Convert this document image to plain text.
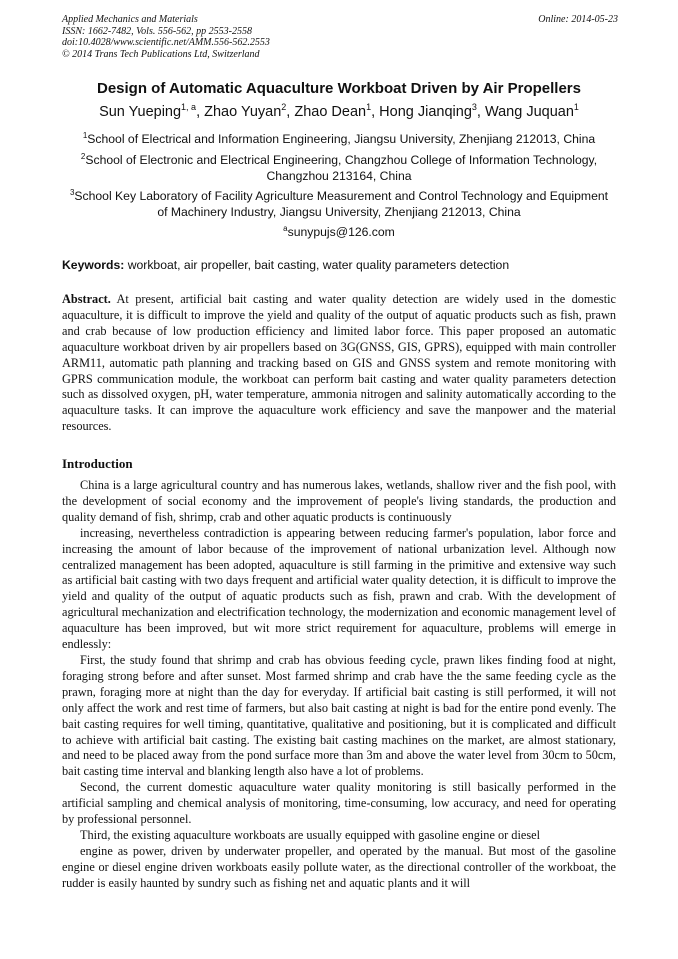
Applied Mechanics and Materials
ISSN: 1662-7482, Vols. 556-562, pp 2553-2558
doi:10.4028/www.scientific.net/AMM.556-562.2553
© 2014 Trans Tech Publications Ltd, Switzerland
Online: 2014-05-23
Design of Automatic Aquaculture Workboat Driven by Air Propellers
Sun Yueping$^{1, a}$, Zhao Yuyan$^2$, Zhao Dean$^1$, Hong Jianqing$^3$, Wang Juquan$^1$
$^1$School of Electrical and Information Engineering, Jiangsu University, Zhenjiang 212013, China
$^2$School of Electronic and Electrical Engineering, Changzhou College of Information Technology,
Changzhou 213164, China
$^3$School Key Laboratory of Facility Agriculture Measurement and Control Technology and Equipment
of Machinery Industry, Jiangsu University, Zhenjiang 212013, China
$^a$sunypujs@126.com
Keywords: workboat, air propeller, bait casting, water quality parameters detection

Abstract. At present, artificial bait casting and water quality detection are widely used in the domestic aquaculture, it is difficult to improve the yield and quality of the output of aquatic products such as fish, prawn and crab because of low production efficiency and limited labor force. This paper proposed an automatic aquaculture workboat driven by air propellers based on 3G(GNSS, GIS, GPRS), equipped with main controller ARM11, automatic path planning and tracking based on GIS and GNSS system and remote monitoring with GPRS communication module, the workboat can perform bait casting and water quality parameters detection such as dissolved oxygen, pH, water temperature, ammonia nitrogen and salinity automatically according to the aquaculture tasks. It can improve the aquaculture work efficiency and save the manpower and the material resources.

Introduction

China is a large agricultural country and has numerous lakes, wetlands, shallow river and the fish pool, with the development of social economy and the improvement of people's living standards, the production and quality demand of fish, shrimp, crab and other aquatic products is continuously

increasing, nevertheless contradiction is appearing between reducing farmer's population, labor force and increasing the amount of labor because of the improvement of national urbanization level. Although now centralized management has been adopted, aquaculture is still farming in the primitive and extensive way such as artificial bait casting with two days frequent and artificial water quality detection, it is difficult to improve the yield and quality of the output of aquatic products such as fish, prawn and crab. With the development of agricultural mechanization and electrification technology, the modernization and economic management level of aquaculture has been improved, but wit more strict requirement for aquaculture, problems will emerge in endlessly:

First, the study found that shrimp and crab has obvious feeding cycle, prawn likes finding food at night, foraging strong before and after sunset. Most farmed shrimp and crab have the the same feeding cycle as the prawn, foraging more at night than the day for everyday. If artificial bait casting is still performed, it will not only affect the work and rest time of farmers, but also bait casting at night is bad for the entire pond evenly. The bait casting requires for well timing, quantitative, qualitative and positioning, but it is complicated and difficult to achieve with artificial bait casting. The existing bait casting machines on the market, are almost stationary, and need to be placed away from the pond surface more than 3m and above the water level from 30cm to 50cm, bait casting time interval and blanking length also have a lot of problems.

Second, the current domestic aquaculture water quality monitoring is still basically performed in the artificial sampling and chemical analysis of monitoring, time-consuming, low accuracy, and need for operating by professional personnel.

Third, the existing aquaculture workboats are usually equipped with gasoline engine or diesel

engine as power, driven by underwater propeller, and operated by the manual. But most of the gasoline engine or diesel engine driven workboats easily pollute water, as the directional controller of the workboat, the rudder is easily haunted by sundry such as fishing net and aquatic plants and it will
